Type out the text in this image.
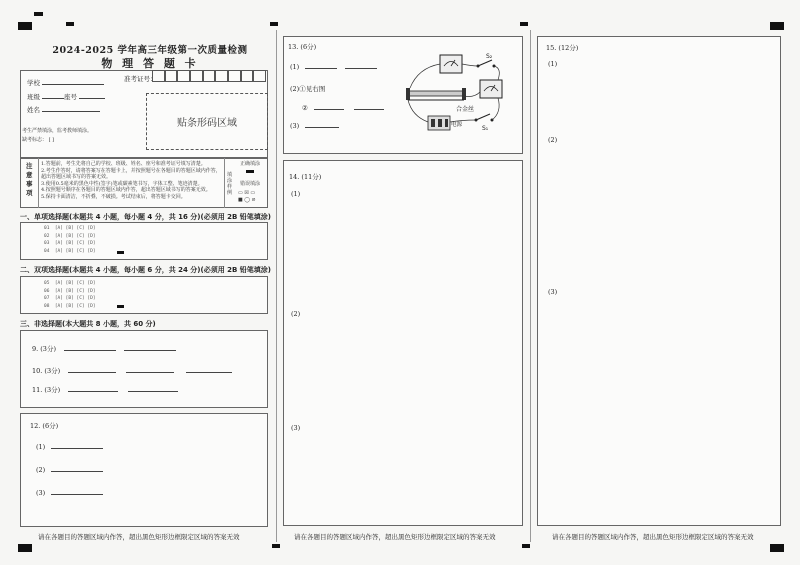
2024-2025 学年高三年级第一次质量检测
物 理 答 题 卡
学校
班级	座号
姓名
准考证号：
贴条形码区域
考生严禁填涂，监考教师填涂。
缺考标志： [ ]
注意事项
1.答题前，考生先将自己的学校、班级、姓名、座号和准考证号填写清楚。
2.考生作答时，请将答案写在答题卡上，并按照题号在各题目的答题区域内作答，超出答题区域书写的答案无效。
3.使用0.5毫米的黑色中性(签字)笔或碳素笔书写，字体工整、笔迹清楚。
4.按照题号顺序在各题目的答题区域内作答，超出答题区域书写的答案无效。
5.保持卡面清洁，不折叠，不破损。考试结束后，将答题卡交回。
填涂样例
正确填涂
错误填涂
▭ ☒ ▭
■ ◯ ⊘
一、单项选择题(本题共 4 小题，每小题 4 分，共 16 分)(必须用 2B 铅笔填涂)
01 [A] [B] [C] [D]
02 [A] [B] [C] [D]
03 [A] [B] [C] [D]
04 [A] [B] [C] [D]
二、双项选择题(本题共 4 小题，每小题 6 分，共 24 分)(必须用 2B 铅笔填涂)
05 [A] [B] [C] [D]
06 [A] [B] [C] [D]
07 [A] [B] [C] [D]
08 [A] [B] [C] [D]
三、非选择题(本大题共 8 小题，共 60 分)
9. (3分)
10. (3分)
11. (3分)
12. (6分)
(1)
(2)
(3)
请在各题目的答题区域内作答，超出黑色矩形边框限定区域的答案无效
13. (6分)
(1)
(2)①见右图
②
(3)
合金丝
电源	S₁
S₂
14. (11分)
(1)
(2)
(3)
请在各题目的答题区域内作答，超出黑色矩形边框限定区域的答案无效
15. (12分)
(1)
(2)
(3)
请在各题目的答题区域内作答，超出黑色矩形边框限定区域的答案无效
